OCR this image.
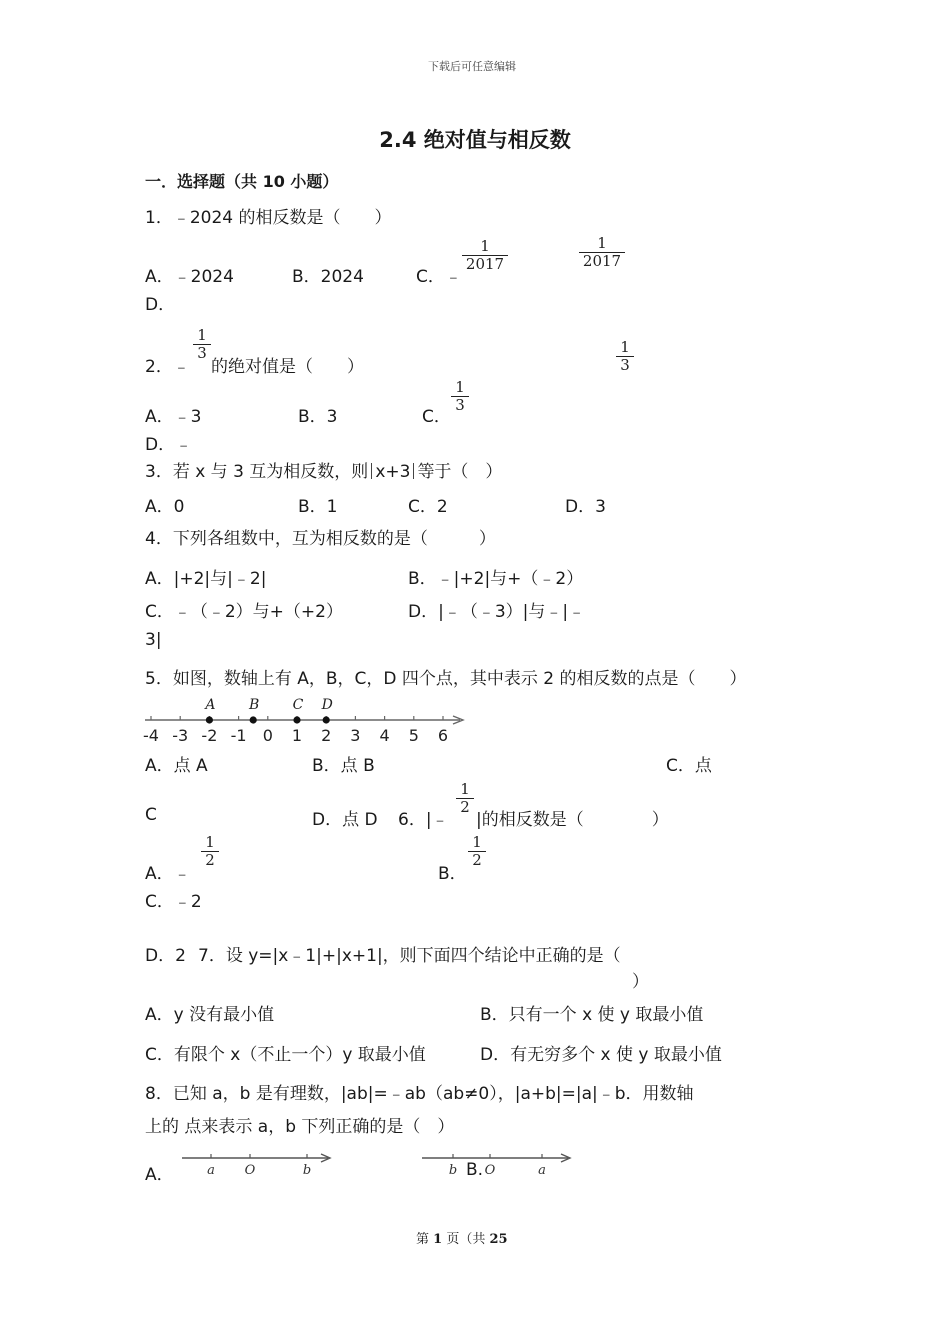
下载后可任意编辑
2.4 绝对值与相反数
一．选择题（共 10 小题）
1．﹣2024 的相反数是（　　）
A．﹣2024	B．2024	C．﹣
1
2017
1
2017
D．
2．﹣
1
3
的绝对值是（　　）
1
3
A．﹣3	B．3	C．
1
3
D．﹣
3．若 x 与 3 互为相反数，则 x+3 等于（　）
A．0	B．1	C．2	D．3
4．下列各组数中，互为相反数的是（　　　）
A．|+2|与|﹣2|	B．﹣|+2|与+（﹣2）
C．﹣（﹣2）与+（+2）	D．|﹣（﹣3）|与﹣|﹣
3|
5．如图，数轴上有 A，B，C，D 四个点，其中表示 2 的相反数的点是（　　）
-4 -3 -2 -1 0 1 2 3 4 5 6
A B C D
A．点 A	B．点 B	C．点
C	D．点 D 6．|﹣
1
2
|的相反数是（　　　　）
A．﹣
1
2
B．
1
2
C．﹣2
D．2 7．设 y=|x﹣1|+|x+1|，则下面四个结论中正确的是（
）
A．y 没有最小值	B．只有一个 x 使 y 取最小值
C．有限个 x（不止一个）y 取最小值	D．有无穷多个 x 使 y 取最小值
8．已知 a，b 是有理数，|ab|=﹣ab（ab≠0），|a+b|=|a|﹣b．用数轴
上的 点来表示 a，b 下列正确的是（　）
A．	a O	b	b O	a
B.
第 1 页（共 25
